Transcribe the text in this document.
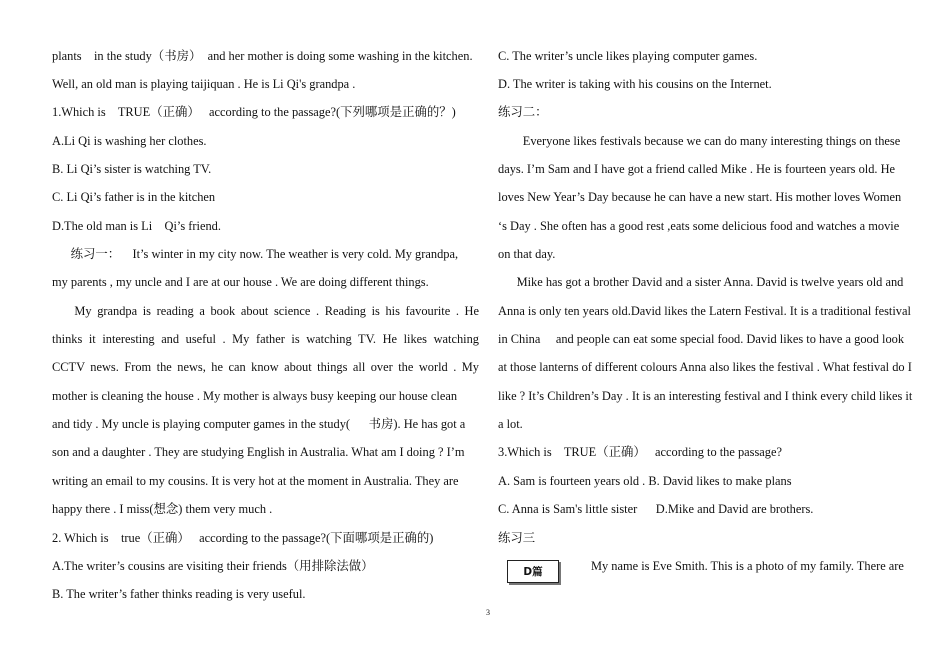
plants    in the study（书房）  and her mother is doing some washing in the kitchen.
Well, an old man is playing taijiquan . He is Li Qi's grandpa .
1.Which is    TRUE（正确）   according to the passage?(下列哪项是正确的？)
A.Li Qi is washing her clothes.
B. Li Qi’s sister is watching TV.
C. Li Qi’s father is in the kitchen
D.The old man is Li    Qi’s friend.
练习一：    It’s winter in my city now. The weather is very cold. My grandpa,
my parents , my uncle and I are at our house . We are doing different things.
My grandpa is reading a book about science . Reading is his favourite . He
thinks it interesting and useful . My father is watching TV. He likes watching
CCTV news. From the news, he can know about things all over the world . My
mother is cleaning the house . My mother is always busy keeping our house clean
and tidy . My uncle is playing computer games in the study(      书房). He has got a
son and a daughter . They are studying English in Australia. What am I doing ? I’m
writing an email to my cousins. It is very hot at the moment in Australia. They are
happy there . I miss(想念) them very much .
2. Which is    true（正确）   according to the passage?(下面哪项是正确的)
A.The writer’s cousins are visiting their friends（用排除法做）
B. The writer’s father thinks reading is very useful.
C. The writer’s uncle likes playing computer games.
D. The writer is taking with his cousins on the Internet.
练习二：
Everyone likes festivals because we can do many interesting things on these
days. I’m Sam and I have got a friend called Mike . He is fourteen years old. He
loves New Year’s Day because he can have a new start. His mother loves Women
‘s Day . She often has a good rest ,eats some delicious food and watches a movie
on that day.
Mike has got a brother David and a sister Anna. David is twelve years old and
Anna is only ten years old.David likes the Latern Festival. It is a traditional festival
in China     and people can eat some special food. David likes to have a good look
at those lanterns of different colours Anna also likes the festival . What festival do I
like ? It’s Children’s Day . It is an interesting festival and I think every child likes it
a lot.
3.Which is    TRUE（正确）   according to the passage?
A. Sam is fourteen years old . B. David likes to make plans
C. Anna is Sam's little sister      D.Mike and David are brothers.
练习三
My name is Eve Smith. This is a photo of my family. There are
D篇
3
